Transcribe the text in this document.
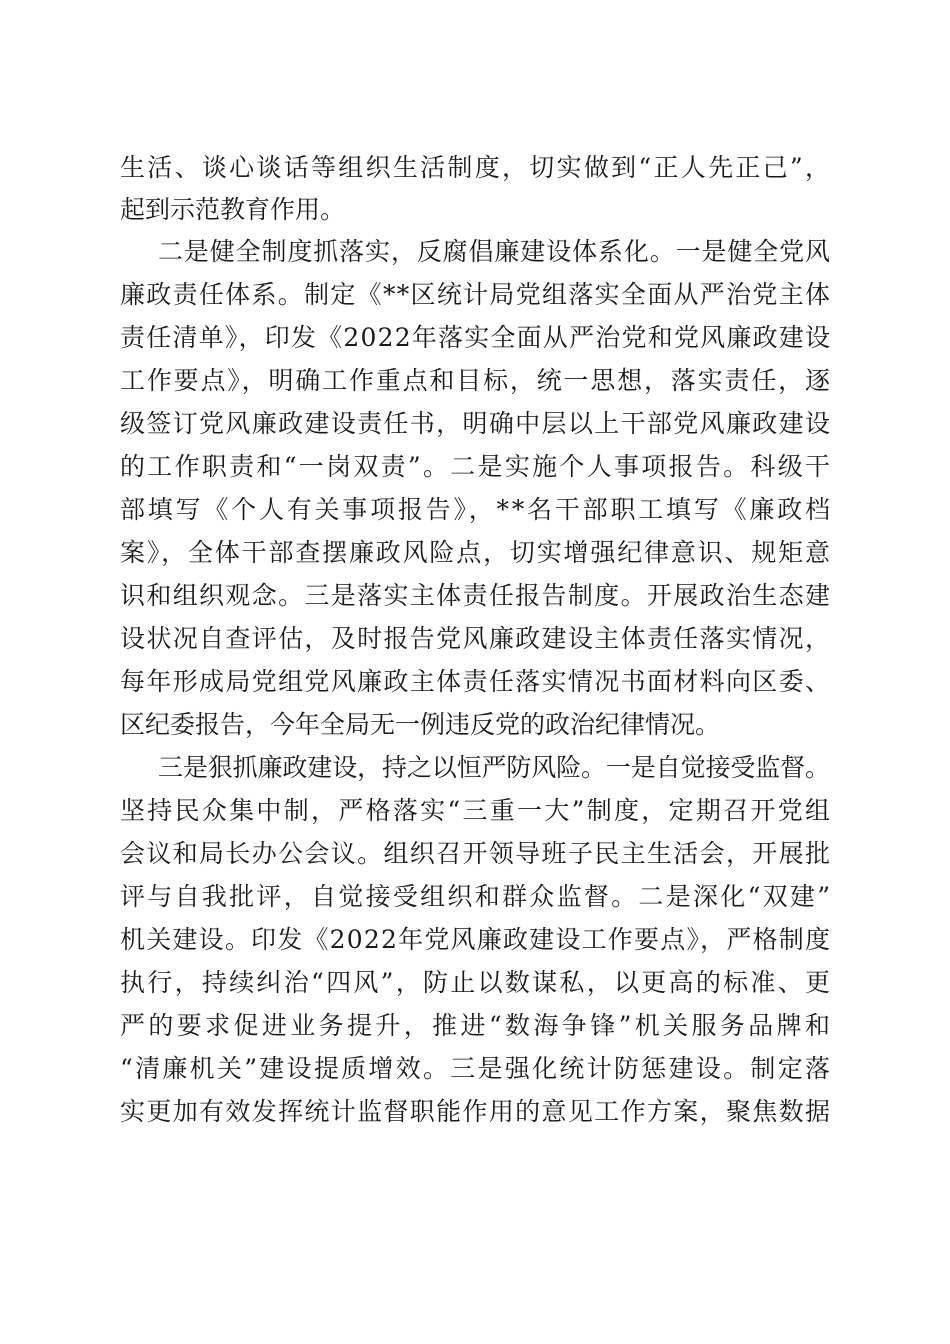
生活、谈心谈话等组织生活制度，切实做到“正人先正己”，
起到示范教育作用。
二是健全制度抓落实，反腐倡廉建设体系化。一是健全党风
廉政责任体系。制定《**区统计局党组落实全面从严治党主体
责任清单》，印发《2022年落实全面从严治党和党风廉政建设
工作要点》，明确工作重点和目标，统一思想，落实责任，逐
级签订党风廉政建设责任书，明确中层以上干部党风廉政建设
的工作职责和“一岗双责”。二是实施个人事项报告。科级干
部填写《个人有关事项报告》，**名干部职工填写《廉政档
案》，全体干部查摆廉政风险点，切实增强纪律意识、规矩意
识和组织观念。三是落实主体责任报告制度。开展政治生态建
设状况自查评估，及时报告党风廉政建设主体责任落实情况，
每年形成局党组党风廉政主体责任落实情况书面材料向区委、
区纪委报告，今年全局无一例违反党的政治纪律情况。
三是狠抓廉政建设，持之以恒严防风险。一是自觉接受监督。
坚持民众集中制，严格落实“三重一大”制度，定期召开党组
会议和局长办公会议。组织召开领导班子民主生活会，开展批
评与自我批评，自觉接受组织和群众监督。二是深化“双建”
机关建设。印发《2022年党风廉政建设工作要点》，严格制度
执行，持续纠治“四风”，防止以数谋私，以更高的标准、更
严的要求促进业务提升，推进“数海争锋”机关服务品牌和
“清廉机关”建设提质增效。三是强化统计防惩建设。制定落
实更加有效发挥统计监督职能作用的意见工作方案，聚焦数据
